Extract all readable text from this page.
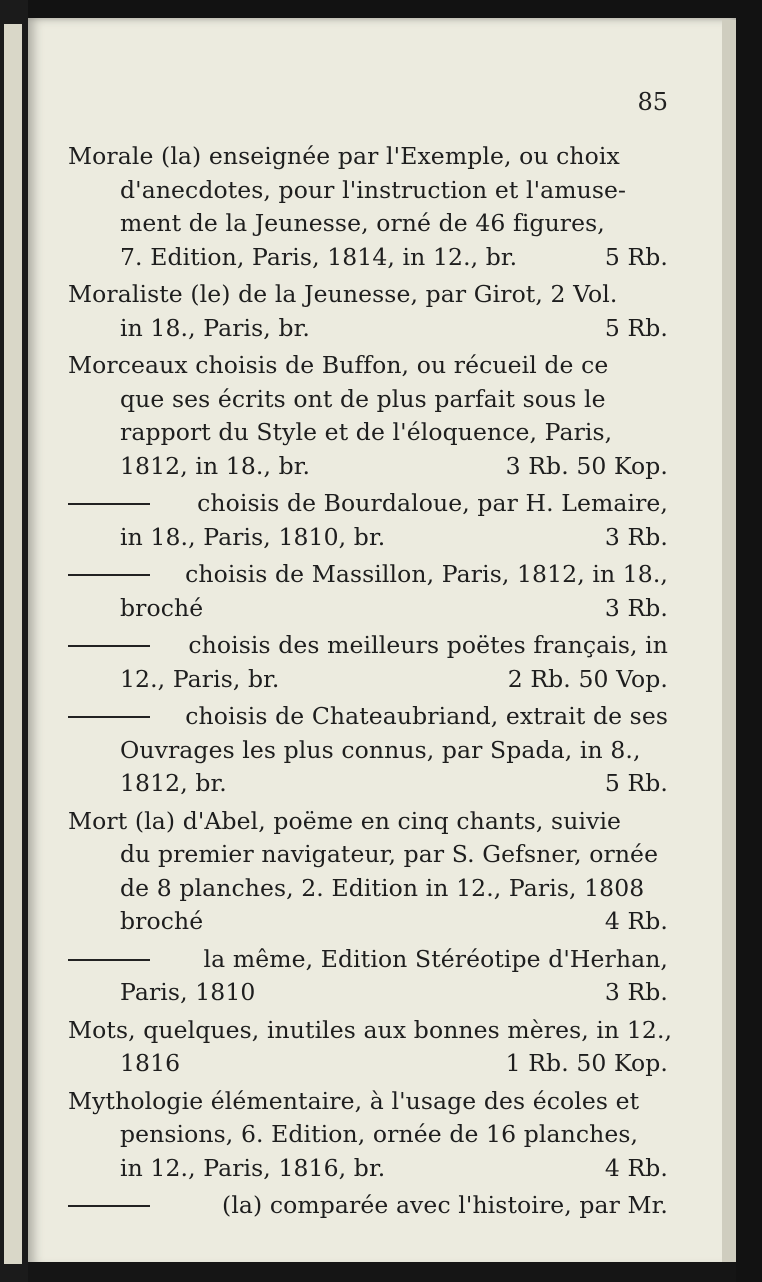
85
Morale (la) enseignée par l'Exemple, ou choix
d'anecdotes, pour l'instruction et l'amuse-
ment de la Jeunesse, orné de 46 figures,
7. Edition, Paris, 1814, in 12., br.	5 Rb.
Moraliste (le) de la Jeunesse, par Girot, 2 Vol.
in 18., Paris, br.	5 Rb.
Morceaux choisis de Buffon, ou récueil de ce
que ses écrits ont de plus parfait sous le
rapport du Style et de l'éloquence, Paris,
1812, in 18., br.	3 Rb. 50 Kop.
choisis de Bourdaloue, par H. Lemaire,
in 18., Paris, 1810, br.	3 Rb.
choisis de Massillon, Paris, 1812, in 18.,
broché	3 Rb.
choisis des meilleurs poëtes français, in
12., Paris, br.	2 Rb. 50 Vop.
choisis de Chateaubriand, extrait de ses
Ouvrages les plus connus, par Spada, in 8.,
1812, br.	5 Rb.
Mort (la) d'Abel, poëme en cinq chants, suivie
du premier navigateur, par S. Gefsner, ornée
de 8 planches, 2. Edition in 12., Paris, 1808
broché	4 Rb.
la même, Edition Stéréotipe d'Herhan,
Paris, 1810	3 Rb.
Mots, quelques, inutiles aux bonnes mères, in 12.,
1816	1 Rb. 50 Kop.
Mythologie élémentaire, à l'usage des écoles et
pensions, 6. Edition, ornée de 16 planches,
in 12., Paris, 1816, br.	4 Rb.
(la) comparée avec l'histoire, par Mr.
